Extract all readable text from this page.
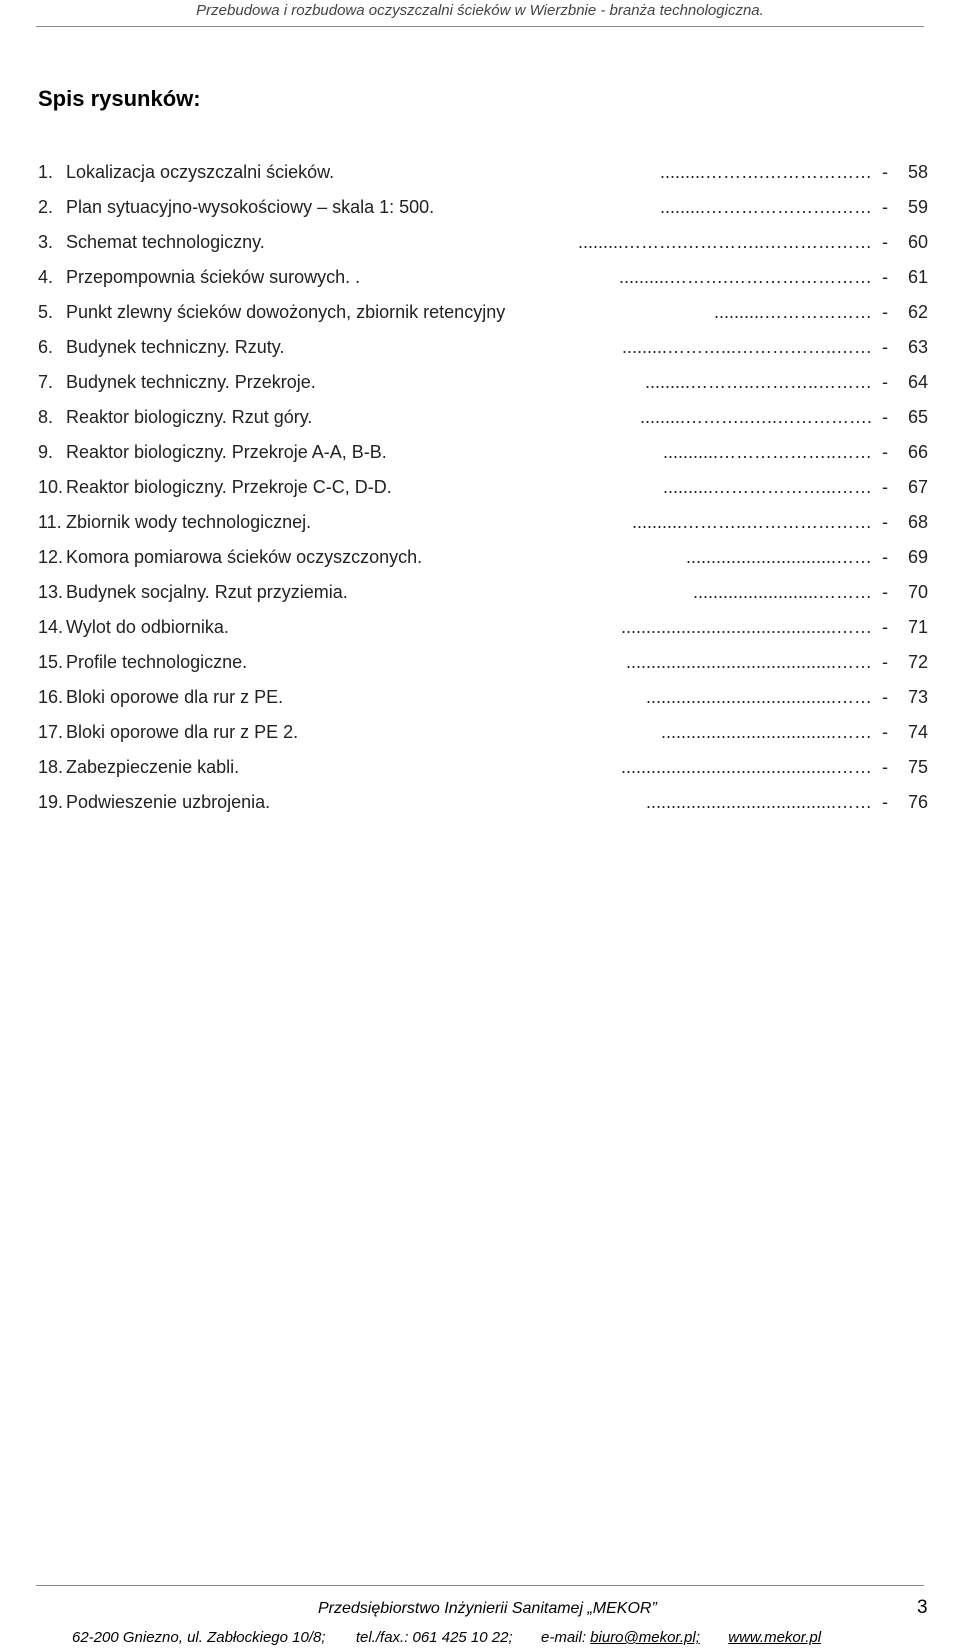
Przebudowa i rozbudowa oczyszczalni ścieków w Wierzbnie - branża technologiczna.
Spis rysunków:
1. Lokalizacja oczyszczalni ścieków.	……………….………......... - 58
2. Plan sytuacyjno-wysokościowy – skala 1: 500.	…….…………………......... - 59
3. Schemat technologiczny.	………………..………….………......... - 60
4. Przepompownia ścieków surowych. .	…………………….……….......... - 61
5. Punkt zlewny ścieków dowożonych, zbiornik retencyjny	……………….......... - 62
6. Budynek techniczny. Rzuty.	……..……………...………......... - 63
7. Budynek techniczny. Przekroje.	………..………..………......... - 64
8. Reaktor biologiczny. Rzut góry.	.……………..…..………......... - 65
9. Reaktor biologiczny. Przekroje A-A, B-B.	……..………………........... - 66
10. Reaktor biologiczny. Przekroje C-C, D-D.	……...……………….......... - 67
11. Zbiornik wody technologicznej.	…………………..……….......... - 68
12. Komora pomiarowa ścieków oczyszczonych.	…….............................. - 69
13. Budynek socjalny. Rzut przyziemia.	………......................... - 70
14. Wylot do odbiornika.	……........................................... - 71
15. Profile technologiczne.	…….......................................... - 72
16. Bloki oporowe dla rur z PE.	……...................................... - 73
17. Bloki oporowe dla rur z PE 2.	……................................... - 74
18. Zabezpieczenie kabli.	……........................................... - 75
19. Podwieszenie uzbrojenia.	……...................................... - 76
Przedsiębiorstwo Inżynierii Sanitamej „MEKOR”	3
62-200 Gniezno, ul. Zabłockiego 10/8; tel./fax.: 061 425 10 22; e-mail: biuro@mekor.pl; www.mekor.pl
